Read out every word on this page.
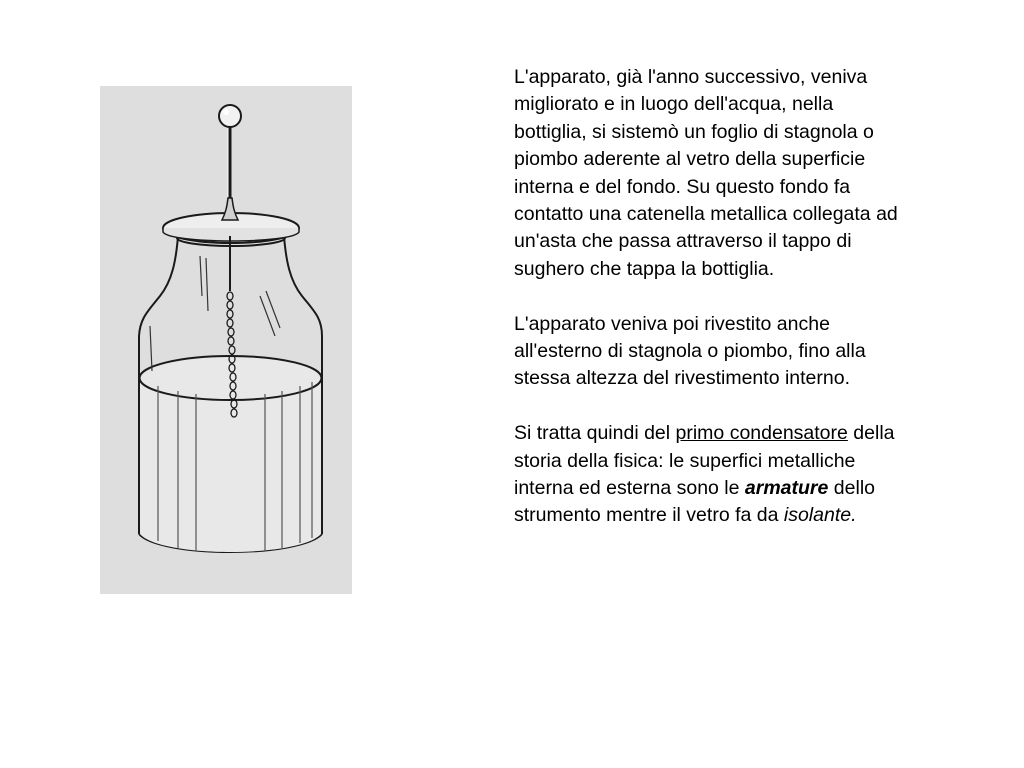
L'apparato, già l'anno successivo, veniva migliorato e in luogo dell'acqua, nella bottiglia, si sistemò un foglio di stagnola o piombo aderente al vetro della superficie interna e del fondo. Su questo fondo fa contatto una catenella metallica collegata ad un'asta che passa attraverso il tappo di sughero che tappa la bottiglia.

L'apparato veniva poi rivestito anche all'esterno di stagnola o piombo, fino alla stessa altezza del rivestimento interno.

Si tratta quindi del primo condensatore della storia della fisica: le superfici metalliche interna ed esterna sono le armature dello strumento mentre il vetro fa da isolante.
